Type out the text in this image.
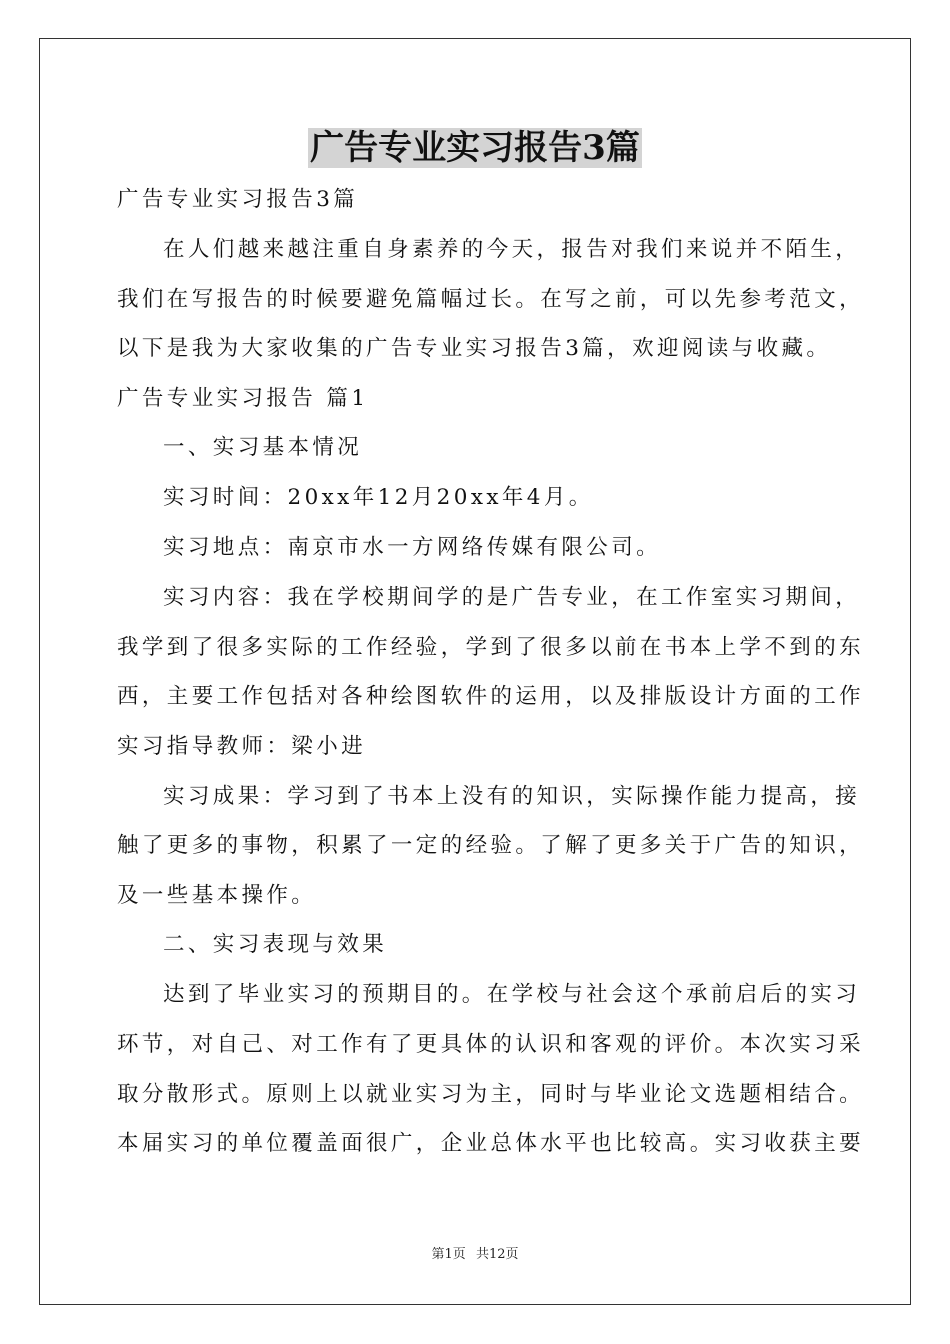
广告专业实习报告3篇
广告专业实习报告3篇
在人们越来越注重自身素养的今天，报告对我们来说并不陌生，
我们在写报告的时候要避免篇幅过长。在写之前，可以先参考范文，
以下是我为大家收集的广告专业实习报告3篇，欢迎阅读与收藏。
广告专业实习报告 篇1
一、实习基本情况
实习时间：20xx年12月20xx年4月。
实习地点：南京市水一方网络传媒有限公司。
实习内容：我在学校期间学的是广告专业，在工作室实习期间，
我学到了很多实际的工作经验，学到了很多以前在书本上学不到的东
西，主要工作包括对各种绘图软件的运用，以及排版设计方面的工作
实习指导教师：梁小进
实习成果：学习到了书本上没有的知识，实际操作能力提高，接
触了更多的事物，积累了一定的经验。了解了更多关于广告的知识，
及一些基本操作。
二、实习表现与效果
达到了毕业实习的预期目的。在学校与社会这个承前启后的实习
环节，对自己、对工作有了更具体的认识和客观的评价。本次实习采
取分散形式。原则上以就业实习为主，同时与毕业论文选题相结合。
本届实习的单位覆盖面很广，企业总体水平也比较高。实习收获主要
第1页 共12页
